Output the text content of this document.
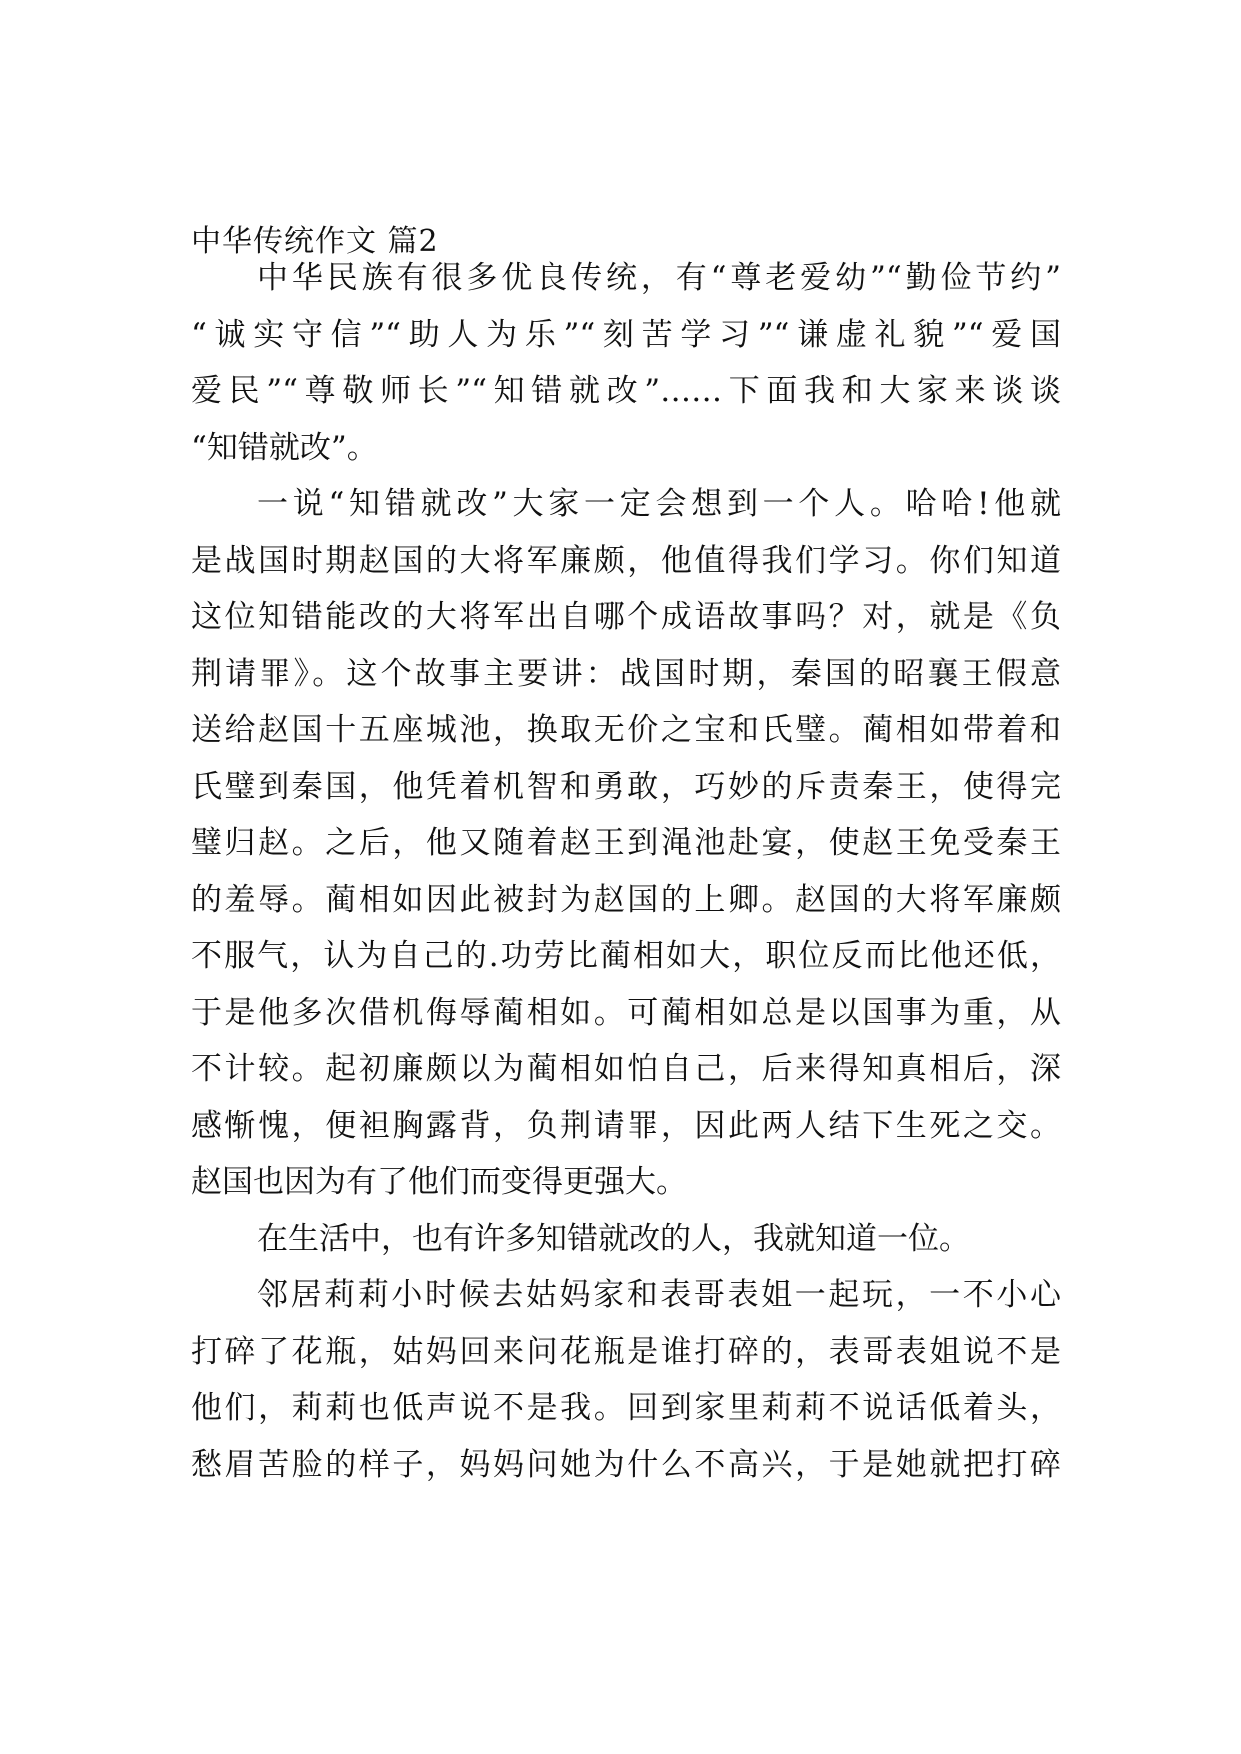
中华传统作文 篇2
中华民族有很多优良传统，有“尊老爱幼”“勤俭节约”
“诚实守信”“助人为乐”“刻苦学习”“谦虚礼貌”“爱国
爱民”“尊敬师长”“知错就改”……下面我和大家来谈谈
“知错就改”。
一说“知错就改”大家一定会想到一个人。哈哈!他就
是战国时期赵国的大将军廉颇，他值得我们学习。你们知道
这位知错能改的大将军出自哪个成语故事吗？对，就是《负
荆请罪》。这个故事主要讲：战国时期，秦国的昭襄王假意
送给赵国十五座城池，换取无价之宝和氏璧。蔺相如带着和
氏璧到秦国，他凭着机智和勇敢，巧妙的斥责秦王，使得完
璧归赵。之后，他又随着赵王到渑池赴宴，使赵王免受秦王
的羞辱。蔺相如因此被封为赵国的上卿。赵国的大将军廉颇
不服气，认为自己的.功劳比蔺相如大，职位反而比他还低，
于是他多次借机侮辱蔺相如。可蔺相如总是以国事为重，从
不计较。起初廉颇以为蔺相如怕自己，后来得知真相后，深
感惭愧，便袒胸露背，负荆请罪，因此两人结下生死之交。
赵国也因为有了他们而变得更强大。
在生活中，也有许多知错就改的人，我就知道一位。
邻居莉莉小时候去姑妈家和表哥表姐一起玩，一不小心
打碎了花瓶，姑妈回来问花瓶是谁打碎的，表哥表姐说不是
他们，莉莉也低声说不是我。回到家里莉莉不说话低着头，
愁眉苦脸的样子，妈妈问她为什么不高兴，于是她就把打碎
